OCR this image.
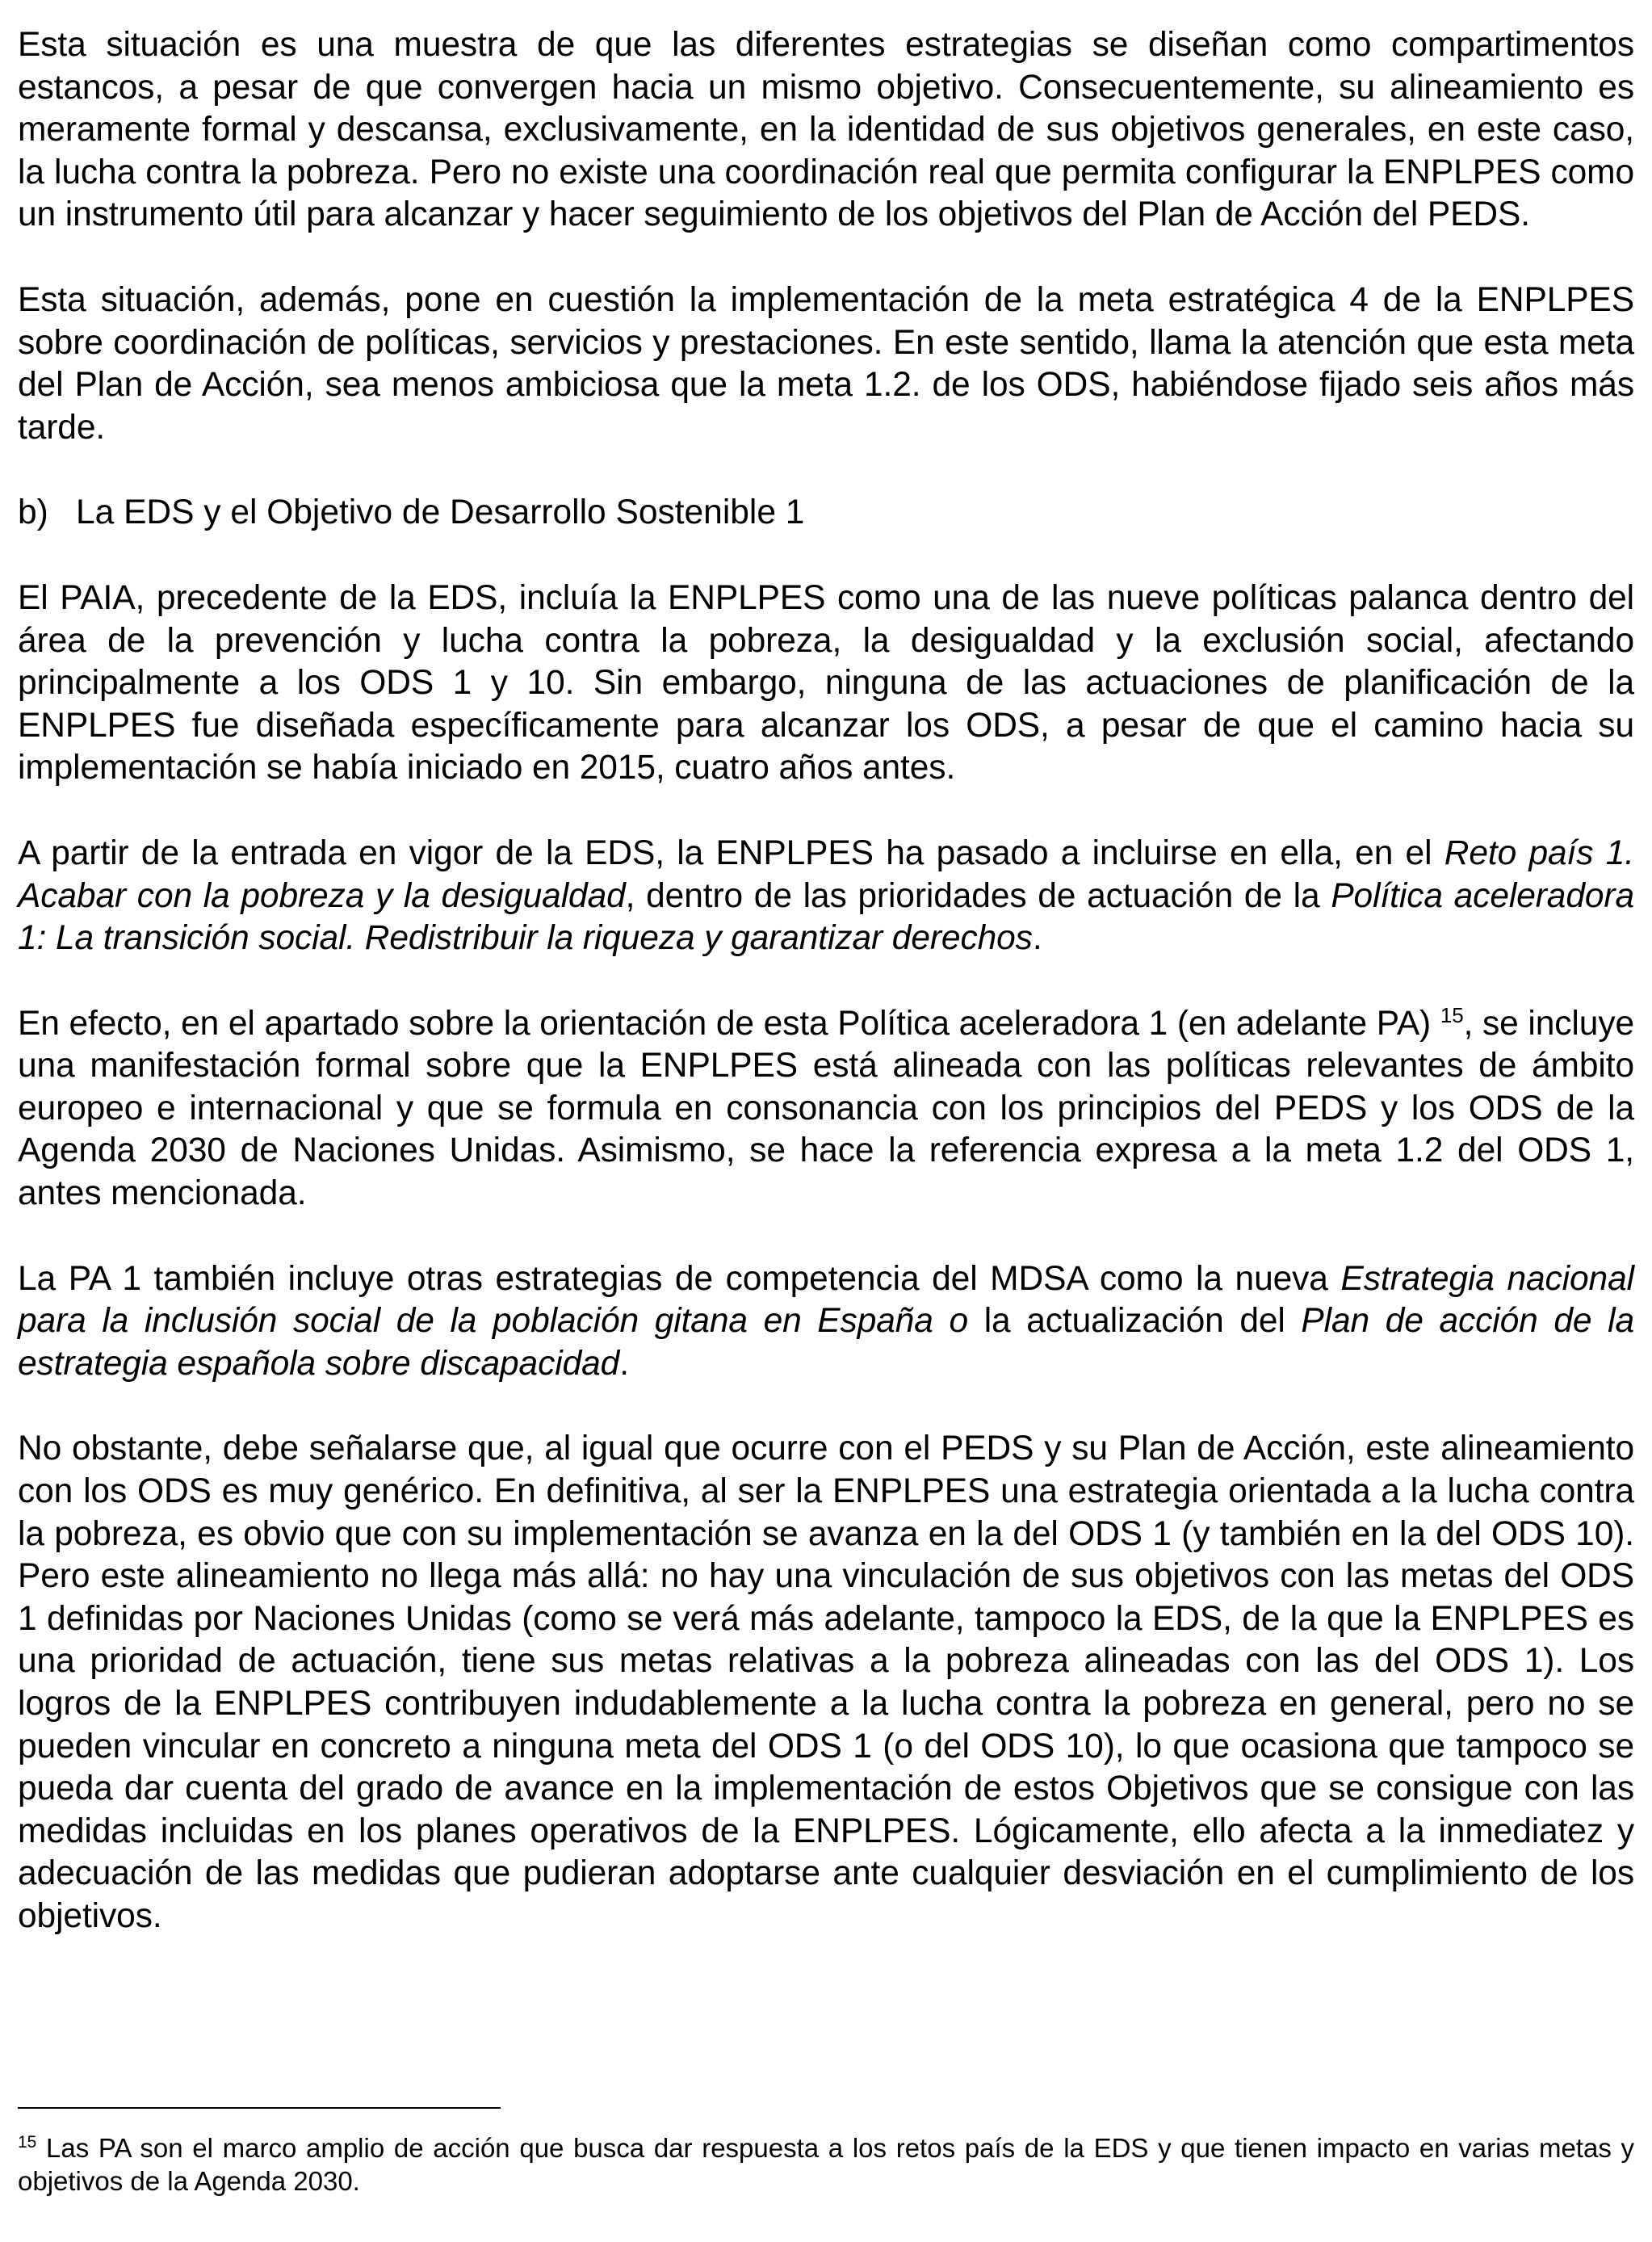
Esta situación es una muestra de que las diferentes estrategias se diseñan como compartimentos estancos, a pesar de que convergen hacia un mismo objetivo. Consecuentemente, su alineamiento es meramente formal y descansa, exclusivamente, en la identidad de sus objetivos generales, en este caso, la lucha contra la pobreza. Pero no existe una coordinación real que permita configurar la ENPLPES como un instrumento útil para alcanzar y hacer seguimiento de los objetivos del Plan de Acción del PEDS.

Esta situación, además, pone en cuestión la implementación de la meta estratégica 4 de la ENPLPES sobre coordinación de políticas, servicios y prestaciones. En este sentido, llama la atención que esta meta del Plan de Acción, sea menos ambiciosa que la meta 1.2. de los ODS, habiéndose fijado seis años más tarde.

b) La EDS y el Objetivo de Desarrollo Sostenible 1

El PAIA, precedente de la EDS, incluía la ENPLPES como una de las nueve políticas palanca dentro del área de la prevención y lucha contra la pobreza, la desigualdad y la exclusión social, afectando principalmente a los ODS 1 y 10. Sin embargo, ninguna de las actuaciones de planificación de la ENPLPES fue diseñada específicamente para alcanzar los ODS, a pesar de que el camino hacia su implementación se había iniciado en 2015, cuatro años antes.

A partir de la entrada en vigor de la EDS, la ENPLPES ha pasado a incluirse en ella, en el Reto país 1. Acabar con la pobreza y la desigualdad, dentro de las prioridades de actuación de la Política aceleradora 1: La transición social. Redistribuir la riqueza y garantizar derechos.

En efecto, en el apartado sobre la orientación de esta Política aceleradora 1 (en adelante PA) $^{15}$, se incluye una manifestación formal sobre que la ENPLPES está alineada con las políticas relevantes de ámbito europeo e internacional y que se formula en consonancia con los principios del PEDS y los ODS de la Agenda 2030 de Naciones Unidas. Asimismo, se hace la referencia expresa a la meta 1.2 del ODS 1, antes mencionada.

La PA 1 también incluye otras estrategias de competencia del MDSA como la nueva Estrategia nacional para la inclusión social de la población gitana en España o la actualización del Plan de acción de la estrategia española sobre discapacidad.

No obstante, debe señalarse que, al igual que ocurre con el PEDS y su Plan de Acción, este alineamiento con los ODS es muy genérico. En definitiva, al ser la ENPLPES una estrategia orientada a la lucha contra la pobreza, es obvio que con su implementación se avanza en la del ODS 1 (y también en la del ODS 10). Pero este alineamiento no llega más allá: no hay una vinculación de sus objetivos con las metas del ODS 1 definidas por Naciones Unidas (como se verá más adelante, tampoco la EDS, de la que la ENPLPES es una prioridad de actuación, tiene sus metas relativas a la pobreza alineadas con las del ODS 1). Los logros de la ENPLPES contribuyen indudablemente a la lucha contra la pobreza en general, pero no se pueden vincular en concreto a ninguna meta del ODS 1 (o del ODS 10), lo que ocasiona que tampoco se pueda dar cuenta del grado de avance en la implementación de estos Objetivos que se consigue con las medidas incluidas en los planes operativos de la ENPLPES. Lógicamente, ello afecta a la inmediatez y adecuación de las medidas que pudieran adoptarse ante cualquier desviación en el cumplimiento de los objetivos.

$^{15}$ Las PA son el marco amplio de acción que busca dar respuesta a los retos país de la EDS y que tienen impacto en varias metas y objetivos de la Agenda 2030.
